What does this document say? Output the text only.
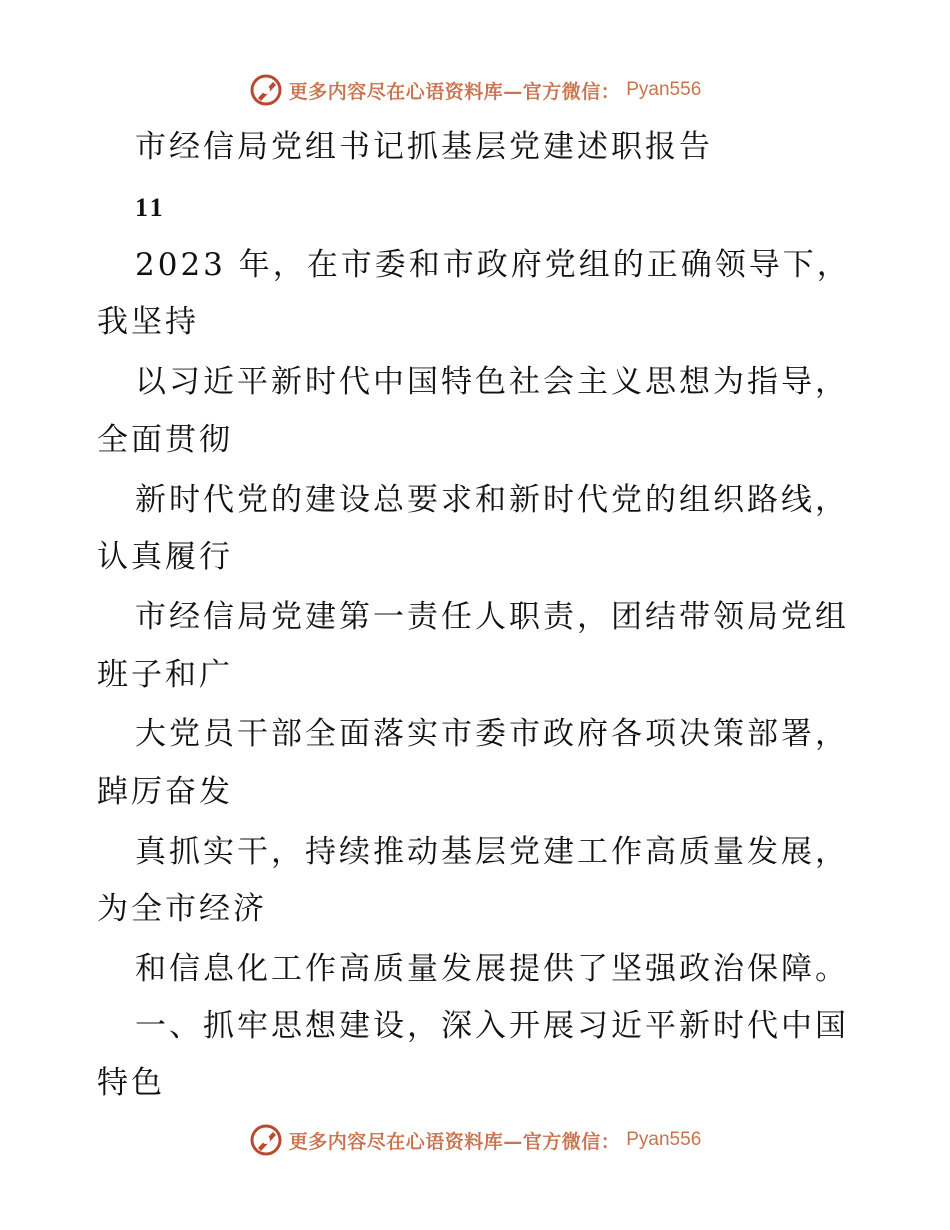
更多内容尽在心语资料库—官方微信： Pyan556
市经信局党组书记抓基层党建述职报告
11
2023 年，在市委和市政府党组的正确领导下，
我坚持
以习近平新时代中国特色社会主义思想为指导，
全面贯彻
新时代党的建设总要求和新时代党的组织路线，
认真履行
市经信局党建第一责任人职责，团结带领局党组
班子和广
大党员干部全面落实市委市政府各项决策部署，
踔厉奋发
真抓实干，持续推动基层党建工作高质量发展，
为全市经济
和信息化工作高质量发展提供了坚强政治保障。
一、抓牢思想建设，深入开展习近平新时代中国
特色
更多内容尽在心语资料库—官方微信： Pyan556
